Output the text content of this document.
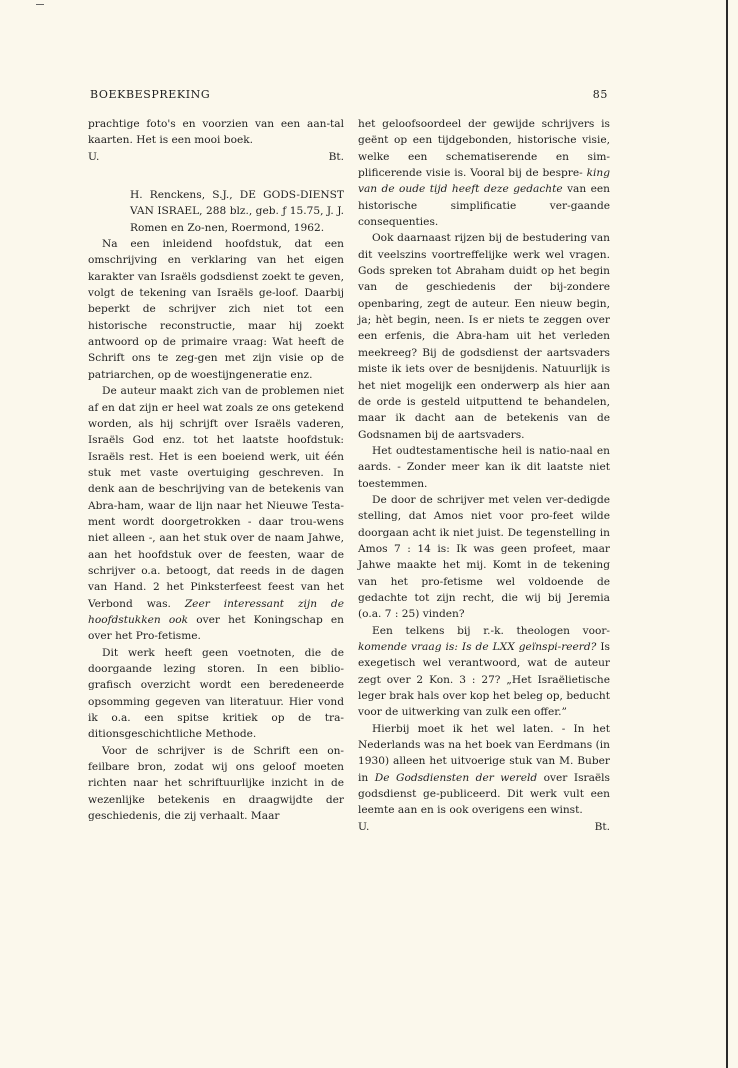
BOEKBESPREKING	85

prachtige foto's en voorzien van een aan-tal kaarten. Het is een mooi boek.

U.	Bt.

H. Renckens, S.J., DE GODS-DIENST VAN ISRAEL, 288 blz., geb. ƒ 15.75, J. J. Romen en Zo-nen, Roermond, 1962.

Na een inleidend hoofdstuk, dat een omschrijving en verklaring van het eigen karakter van Israëls godsdienst zoekt te geven, volgt de tekening van Israëls ge-loof. Daarbij beperkt de schrijver zich niet tot een historische reconstructie, maar hij zoekt antwoord op de primaire vraag: Wat heeft de Schrift ons te zeg-gen met zijn visie op de patriarchen, op de woestijngeneratie enz.

De auteur maakt zich van de problemen niet af en dat zijn er heel wat zoals ze ons getekend worden, als hij schrijft over Israëls vaderen, Israëls God enz. tot het laatste hoofdstuk: Israëls rest. Het is een boeiend werk, uit één stuk met vaste overtuiging geschreven. In denk aan de beschrijving van de betekenis van Abra-ham, waar de lijn naar het Nieuwe Testa-ment wordt doorgetrokken - daar trou-wens niet alleen -, aan het stuk over de naam Jahwe, aan het hoofdstuk over de feesten, waar de schrijver o.a. betoogt, dat reeds in de dagen van Hand. 2 het Pinksterfeest feest van het Verbond was. Zeer interessant zijn de hoofdstukken ook over het Koningschap en over het Pro-fetisme.

Dit werk heeft geen voetnoten, die de doorgaande lezing storen. In een biblio-grafisch overzicht wordt een beredeneerde opsomming gegeven van literatuur. Hier vond ik o.a. een spitse kritiek op de tra-ditionsgeschichtliche Methode.

Voor de schrijver is de Schrift een on-feilbare bron, zodat wij ons geloof moeten richten naar het schriftuurlijke inzicht in de wezenlijke betekenis en draagwijdte der geschiedenis, die zij verhaalt. Maar

het geloofsoordeel der gewijde schrijvers is geënt op een tijdgebonden, historische visie, welke een schematiserende en sim-plificerende visie is. Vooral bij de bespre- king van de oude tijd heeft deze gedachte van een historische simplificatie ver-gaande consequenties.

Ook daarnaast rijzen bij de bestudering van dit veelszins voortreffelijke werk wel vragen. Gods spreken tot Abraham duidt op het begin van de geschiedenis der bij-zondere openbaring, zegt de auteur. Een nieuw begin, ja; hèt begin, neen. Is er niets te zeggen over een erfenis, die Abra-ham uit het verleden meekreeg? Bij de godsdienst der aartsvaders miste ik iets over de besnijdenis. Natuurlijk is het niet mogelijk een onderwerp als hier aan de orde is gesteld uitputtend te behandelen, maar ik dacht aan de betekenis van de Godsnamen bij de aartsvaders.

Het oudtestamentische heil is natio-naal en aards. - Zonder meer kan ik dit laatste niet toestemmen.

De door de schrijver met velen ver-dedigde stelling, dat Amos niet voor pro-feet wilde doorgaan acht ik niet juist. De tegenstelling in Amos 7 : 14 is: Ik was geen profeet, maar Jahwe maakte het mij. Komt in de tekening van het pro-fetisme wel voldoende de gedachte tot zijn recht, die wij bij Jeremia (o.a. 7 : 25) vinden?

Een telkens bij r.-k. theologen voor- komende vraag is: Is de LXX geïnspi-reerd? Is exegetisch wel verantwoord, wat de auteur zegt over 2 Kon. 3 : 27? „Het Israëlietische leger brak hals over kop het beleg op, beducht voor de uitwerking van zulk een offer.”

Hierbij moet ik het wel laten. - In het Nederlands was na het boek van Eerdmans (in 1930) alleen het uitvoerige stuk van M. Buber in De Godsdiensten der wereld over Israëls godsdienst ge-publiceerd. Dit werk vult een leemte aan en is ook overigens een winst.

U.	Bt.
